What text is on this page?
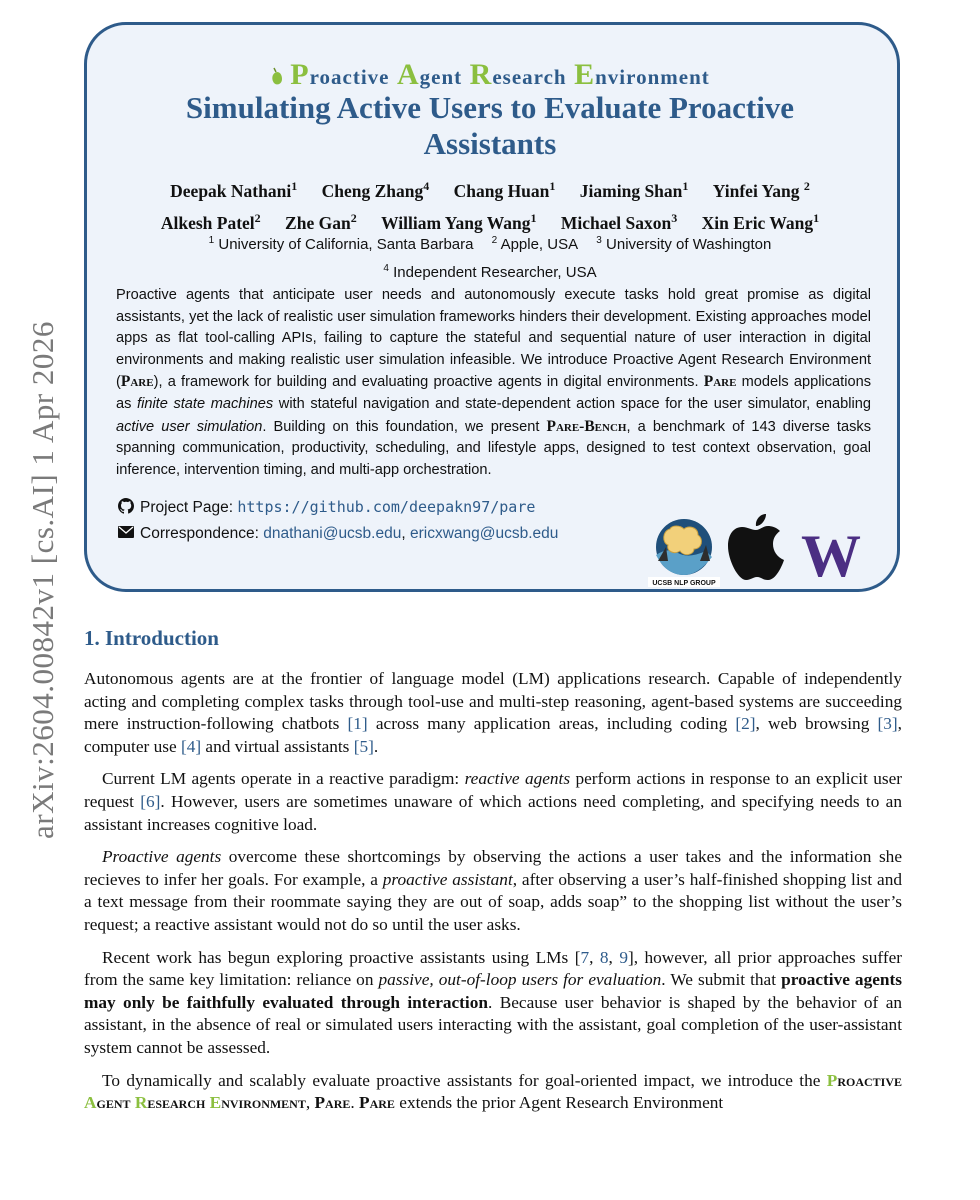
arXiv:2604.00842v1 [cs.AI] 1 Apr 2026
Proactive Agent Research Environment
Simulating Active Users to Evaluate Proactive Assistants
Deepak Nathani$^1$ Cheng Zhang$^4$ Chang Huan$^1$ Jiaming Shan$^1$ Yinfei Yang $^2$
Alkesh Patel$^2$ Zhe Gan$^2$ William Yang Wang$^1$ Michael Saxon$^3$ Xin Eric Wang$^1$
$^1$ University of California, Santa Barbara $^2$ Apple, USA $^3$ University of Washington
$^4$ Independent Researcher, USA
Proactive agents that anticipate user needs and autonomously execute tasks hold great promise as digital assistants, yet the lack of realistic user simulation frameworks hinders their development. Existing approaches model apps as flat tool-calling APIs, failing to capture the stateful and sequential nature of user interaction in digital environments and making realistic user simulation infeasible. We introduce Proactive Agent Research Environment (Pare), a framework for building and evaluating proactive agents in digital environments. Pare models applications as finite state machines with stateful navigation and state-dependent action space for the user simulator, enabling active user simulation. Building on this foundation, we present Pare-Bench, a benchmark of 143 diverse tasks spanning communication, productivity, scheduling, and lifestyle apps, designed to test context observation, goal inference, intervention timing, and multi-app orchestration.
Project Page: https://github.com/deepakn97/pare
Correspondence: dnathani@ucsb.edu, ericxwang@ucsb.edu
UCSB NLP GROUP W
1. Introduction

Autonomous agents are at the frontier of language model (LM) applications research. Capable of independently acting and completing complex tasks through tool-use and multi-step reasoning, agent-based systems are succeeding mere instruction-following chatbots [1] across many application areas, including coding [2], web browsing [3], computer use [4] and virtual assistants [5].

Current LM agents operate in a reactive paradigm: reactive agents perform actions in response to an explicit user request [6]. However, users are sometimes unaware of which actions need completing, and specifying needs to an assistant increases cognitive load.

Proactive agents overcome these shortcomings by observing the actions a user takes and the information she recieves to infer her goals. For example, a proactive assistant, after observing a user’s half-finished shopping list and a text message from their roommate saying they are out of soap, adds soap” to the shopping list without the user’s request; a reactive assistant would not do so until the user asks.

Recent work has begun exploring proactive assistants using LMs [7, 8, 9], however, all prior approaches suffer from the same key limitation: reliance on passive, out-of-loop users for evaluation. We submit that proactive agents may only be faithfully evaluated through interaction. Because user behavior is shaped by the behavior of an assistant, in the absence of real or simulated users interacting with the assistant, goal completion of the user-assistant system cannot be assessed.

To dynamically and scalably evaluate proactive assistants for goal-oriented impact, we introduce the Proactive Agent Research Environment, Pare. Pare extends the prior Agent Research Environment
